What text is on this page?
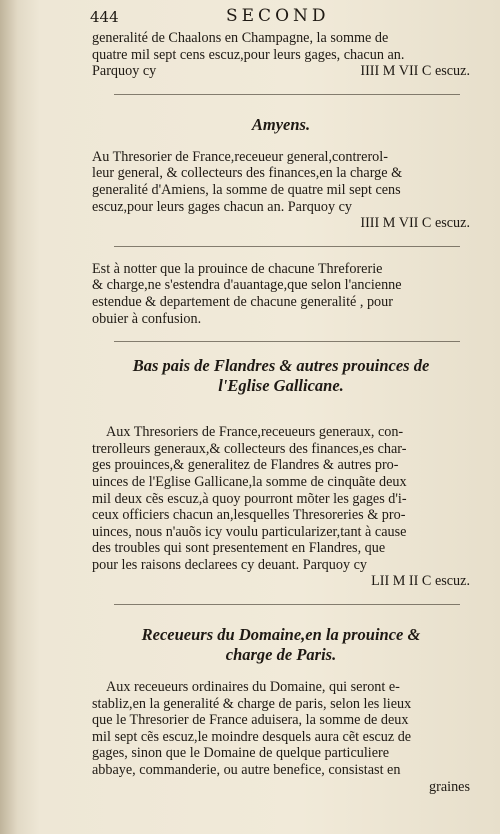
444	SECOND
generalité de Chaalons en Champagne, la somme de
quatre mil sept cens escuz,pour leurs gages, chacun an.
Parquoy cy	IIII M VII C escuz.
Amyens.
Au Thresorier de France,receueur general,contrerol-
leur general, & collecteurs des finances,en la charge &
generalité d'Amiens, la somme de quatre mil sept cens
escuz,pour leurs gages chacun an. Parquoy cy
IIII M VII C escuz.
Est à notter que la prouince de chacune Threforerie
& charge,ne s'estendra d'auantage,que selon l'ancienne
estendue & departement de chacune generalité , pour
obuier à confusion.
Bas pais de Flandres & autres prouinces de
l'Eglise Gallicane.
Aux Thresoriers de France,receueurs generaux, con-
trerolleurs generaux,& collecteurs des finances,es char-
ges prouinces,& generalitez de Flandres & autres pro-
uinces de l'Eglise Gallicane,la somme de cinquãte deux
mil deux cẽs escuz,à quoy pourront mõter les gages d'i-
ceux officiers chacun an,lesquelles Thresoreries & pro-
uinces, nous n'auõs icy voulu particularizer,tant à cause
des troubles qui sont presentement en Flandres, que
pour les raisons declarees cy deuant. Parquoy cy
LII M II C escuz.
Receueurs du Domaine,en la prouince &
charge de Paris.
Aux receueurs ordinaires du Domaine, qui seront e-
stabliz,en la generalité & charge de paris, selon les lieux
que le Thresorier de France aduisera, la somme de deux
mil sept cẽs escuz,le moindre desquels aura cẽt escuz de
gages, sinon que le Domaine de quelque particuliere
abbaye, commanderie, ou autre benefice, consistast en
graines
